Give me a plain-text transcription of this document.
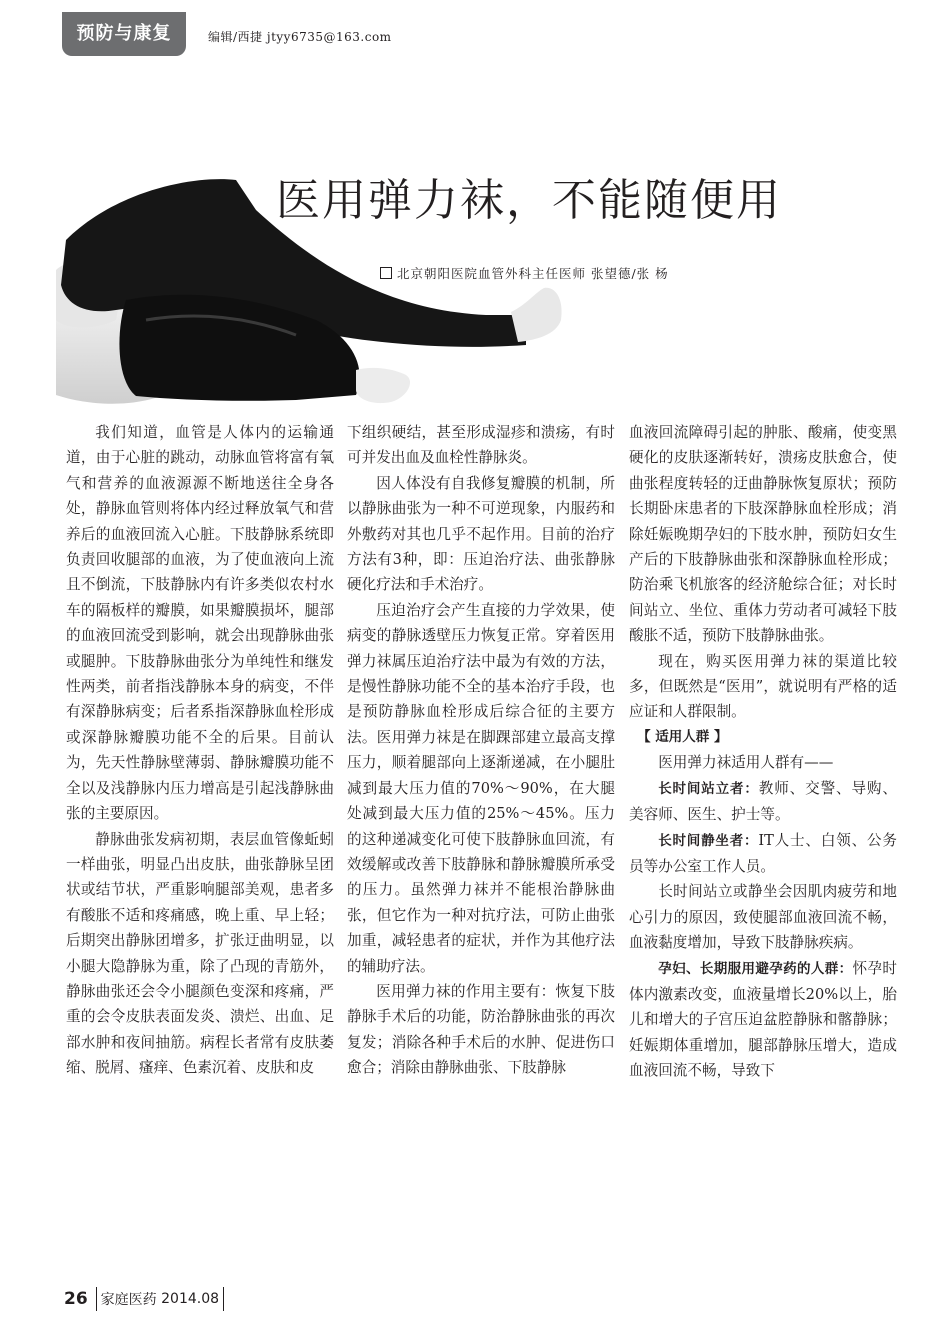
预防与康复	编辑/西捷 jtyy6735@163.com
医用弹力袜，不能随便用
北京朝阳医院血管外科主任医师 张望德/张 杨

我们知道，血管是人体内的运输通道，由于心脏的跳动，动脉血管将富有氧气和营养的血液源源不断地送往全身各处，静脉血管则将体内经过释放氧气和营养后的血液回流入心脏。下肢静脉系统即负责回收腿部的血液，为了使血液向上流且不倒流，下肢静脉内有许多类似农村水车的隔板样的瓣膜，如果瓣膜损坏，腿部的血液回流受到影响，就会出现静脉曲张或腿肿。下肢静脉曲张分为单纯性和继发性两类，前者指浅静脉本身的病变，不伴有深静脉病变；后者系指深静脉血栓形成或深静脉瓣膜功能不全的后果。目前认为，先天性静脉壁薄弱、静脉瓣膜功能不全以及浅静脉内压力增高是引起浅静脉曲张的主要原因。

静脉曲张发病初期，表层血管像蚯蚓一样曲张，明显凸出皮肤，曲张静脉呈团状或结节状，严重影响腿部美观，患者多有酸胀不适和疼痛感，晚上重、早上轻；后期突出静脉团增多，扩张迂曲明显，以小腿大隐静脉为重，除了凸现的青筋外，静脉曲张还会令小腿颜色变深和疼痛，严重的会令皮肤表面发炎、溃烂、出血、足部水肿和夜间抽筋。病程长者常有皮肤萎缩、脱屑、瘙痒、色素沉着、皮肤和皮

下组织硬结，甚至形成湿疹和溃疡，有时可并发出血及血栓性静脉炎。

因人体没有自我修复瓣膜的机制，所以静脉曲张为一种不可逆现象，内服药和外敷药对其也几乎不起作用。目前的治疗方法有3种，即：压迫治疗法、曲张静脉硬化疗法和手术治疗。

压迫治疗会产生直接的力学效果，使病变的静脉透壁压力恢复正常。穿着医用弹力袜属压迫治疗法中最为有效的方法，是慢性静脉功能不全的基本治疗手段，也是预防静脉血栓形成后综合征的主要方法。医用弹力袜是在脚踝部建立最高支撑压力，顺着腿部向上逐渐递减，在小腿肚减到最大压力值的70%～90%，在大腿处减到最大压力值的25%～45%。压力的这种递减变化可使下肢静脉血回流，有效缓解或改善下肢静脉和静脉瓣膜所承受的压力。虽然弹力袜并不能根治静脉曲张，但它作为一种对抗疗法，可防止曲张加重，减轻患者的症状，并作为其他疗法的辅助疗法。

医用弹力袜的作用主要有：恢复下肢静脉手术后的功能，防治静脉曲张的再次复发；消除各种手术后的水肿、促进伤口愈合；消除由静脉曲张、下肢静脉

血液回流障碍引起的肿胀、酸痛，使变黑硬化的皮肤逐渐转好，溃疡皮肤愈合，使曲张程度转轻的迂曲静脉恢复原状；预防长期卧床患者的下肢深静脉血栓形成；消除妊娠晚期孕妇的下肢水肿，预防妇女生产后的下肢静脉曲张和深静脉血栓形成；防治乘飞机旅客的经济舱综合征；对长时间站立、坐位、重体力劳动者可减轻下肢酸胀不适，预防下肢静脉曲张。

现在，购买医用弹力袜的渠道比较多，但既然是“医用”，就说明有严格的适应证和人群限制。

【 适用人群 】

医用弹力袜适用人群有——

长时间站立者：教师、交警、导购、美容师、医生、护士等。

长时间静坐者：IT人士、白领、公务员等办公室工作人员。

长时间站立或静坐会因肌肉疲劳和地心引力的原因，致使腿部血液回流不畅，血液黏度增加，导致下肢静脉疾病。

孕妇、长期服用避孕药的人群：怀孕时体内激素改变，血液量增长20%以上，胎儿和增大的子宫压迫盆腔静脉和髂静脉；妊娠期体重增加，腿部静脉压增大，造成血液回流不畅，导致下

26 家庭医药
2014.08
